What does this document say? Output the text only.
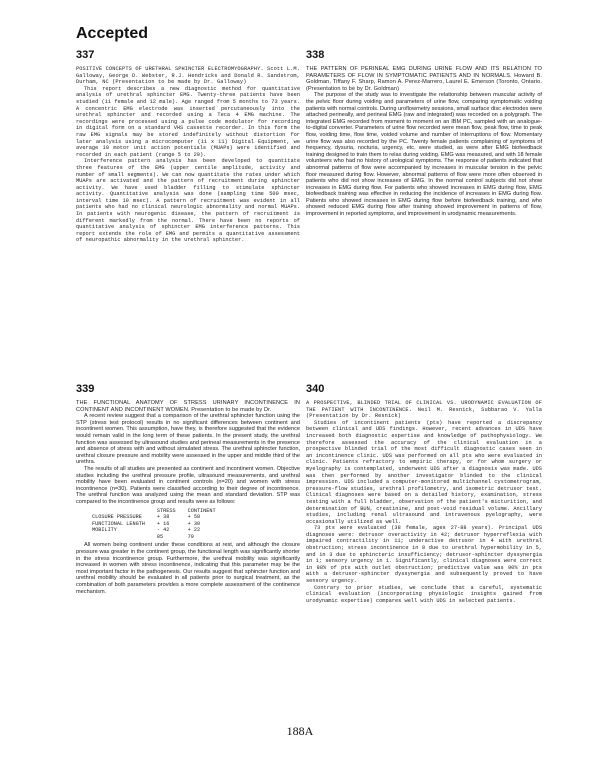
Accepted
337

POSITIVE CONCEPTS OF URETHRAL SPHINCTER ELECTROMYOGRAPHY. Scott L.M. Galloway, George D. Webster, R.J. Hendricks and Donald R. Sandstrom, Durham, NC (Presentation to be made by Dr. Galloway)

This report describes a new diagnostic method for quantitative analysis of urethral sphincter EMG. Twenty-three patients have been studied (11 female and 12 male). Age ranged from 5 months to 73 years. A concentric EMG electrode was inserted percutaneously into the urethral sphincter and recorded using a Teca 4 EMG machine. The recordings were processed using a pulse code modulator for recording in digital form on a standard VHS cassette recorder. In this form the raw EMG signals may be stored indefinitely without distortion for later analysis using a microcomputer (11 x 11) Digital Equipment, we average 10 motor unit action potentials (MUAPs) were identified and recorded in each patient (range 5 to 20).

Interference pattern analysis has been developed to quantitate three features of the EMG (upper centile amplitude, activity and number of small segments). We can now quantitate the rates under which MUAPs are activated and the pattern of recruitment during sphincter activity. We have used bladder filling to stimulate sphincter activity. Quantitative analysis was done (sampling time 500 msec, interval time 10 msec). A pattern of recruitment was evident in all patients who had no clinical neurologic abnormality and normal MUAPs. In patients with neurogenic disease, the pattern of recruitment is different markedly from the normal. There have been no reports of quantitative analysis of sphincter EMG interference patterns. This report extends the role of EMG and permits a quantitative assessment of neuropathic abnormality in the urethral sphincter.

338

THE PATTERN OF PERINEAL EMG DURING URINE FLOW AND ITS RELATION TO PARAMETERS OF FLOW IN SYMPTOMATIC PATIENTS AND IN NORMALS. Howard B. Goldman, Tiffany F. Sharp, Ramon A. Perez-Marrero, Laurel E. Emerson (Toronto, Ontario. (Presentation to be by Dr. Goldman)

The purpose of the study was to investigate the relationship between muscular activity of the pelvic floor during voiding and parameters of urine flow, comparing symptomatic voiding patients with normal controls. During uroflowmetry sessions, small surface disc electrodes were attached perineally, and perineal EMG (raw and integrated) was recorded on a polygraph. The integrated EMG recorded from moment to moment on an IBM PC, sampled with an analogue-to-digital converter. Parameters of urine flow recorded were mean flow, peak flow, time to peak flow, voiding time, flow time, voided volume and number of interruptions of flow. Momentary urine flow was also recorded by the PC. Twenty female patients complaining of symptoms of frequency, dysuria, nocturia, urgency, etc. were studied, as were after EMG biofeedback training designed to train them to relax during voiding. EMG was measured, and with 18 female volunteers who had no history of urological symptoms. The response of patients indicated that abnormal patterns of flow were accompanied by increases in muscular tension in the pelvic floor measured during flow. However, abnormal patterns of flow were more often observed in patients who did not show increases of EMG. In the normal control subjects did not show increases in EMG during flow. For patients who showed increases in EMG during flow, EMG biofeedback training was effective in reducing the incidence of increases in EMG during flow. Patients who showed increases in EMG during flow before biofeedback training, and who showed reduced EMG during flow after training showed improvement in patterns of flow, improvement in reported symptoms, and improvement in urodynamic measurements.

339

THE FUNCTIONAL ANATOMY OF STRESS URINARY INCONTINENCE IN CONTINENT AND INCONTINENT WOMEN. Presentation to be made by Dr.

A recent review suggest that a comparison of the urethral sphincter function using the STP (stress test protocol) results in no significant differences between continent and incontinent women. This assumption, have they, is therefore suggested that the evidence would remain valid in the long term of these patients. In the present study, the urethral function was assessed by ultrasound studies and perineal measurements in the presence and absence of stress with and without simulated stress. The urethral sphincter function, urethral closure pressure and mobility were assessed in the upper and middle third of the urethra.

The results of all studies are presented as continent and incontinent women. Objective studies including the urethral pressure profile, ultrasound measurements, and urethral mobility have been evaluated in continent controls (n=20) and women with stress incontinence (n=30). Patients were classified according to their degree of incontinence. The urethral function was analyzed using the mean and standard deviation. STP was compared to the incontinence group and results were as follows:

	STRESS	CONTINENT
CLOSURE PRESSURE	+ 38	+ 58
FUNCTIONAL LENGTH	+ 16	+ 30
MOBILITY	- 42	+ 22
	85	79

All women being continent under these conditions at rest, and although the closure pressure was greater in the continent group, the functional length was significantly shorter in the stress incontinence group. Furthermore, the urethral mobility was significantly increased in women with stress incontinence, indicating that this parameter may be the most important factor in the pathogenesis. Our results suggest that sphincter function and urethral mobility should be evaluated in all patients prior to surgical treatment, as the combination of both parameters provides a more complete assessment of the continence mechanism.

340

A PROSPECTIVE, BLINDED TRIAL OF CLINICAL VS. URODYNAMIC EVALUATION OF THE PATIENT WITH INCONTINENCE. Neil M. Resnick, Subbarao V. Yalla (Presentation by Dr. Resnick)

Studies of incontinent patients (pts) have reported a discrepancy between clinical and UDS findings. However, recent advances in UDS have increased both diagnostic expertise and knowledge of pathophysiology. We therefore assessed the accuracy of the clinical evaluation in a prospective blinded trial of the most difficult diagnostic cases seen in an incontinence clinic. UDS was performed on all pts who were evaluated in clinic. Patients refractory to empiric therapy, or for whom surgery or myelography is contemplated, underwent UDS after a diagnosis was made. UDS was then performed by another investigator blinded to the clinical impression. UDS included a computer-monitored multichannel cystometrogram, pressure-flow studies, urethral profilometry, and isometric detrusor test. Clinical diagnoses were based on a detailed history, examination, stress testing with a full bladder, observation of the patient's micturition, and determination of BUN, creatinine, and post-void residual volume. Ancillary studies, including renal ultrasound and intravenous pyelography, were occasionally utilized as well.

73 pts were evaluated (38 female, ages 27-88 years). Principal UDS diagnoses were: detrusor overactivity in 42; detrusor hyperreflexia with impaired contractility in 11; underactive detrusor in 4 with urethral obstruction; stress incontinence in 8 due to urethral hypermobility in 5, and in 3 due to sphincteric insufficiency; detrusor-sphincter dyssynergia in 1; sensory urgency in 1. Significantly, clinical diagnoses were correct in 88% of pts with outlet obstruction; predictive value was 90% in pts with a detrusor-sphincter dyssynergia and subsequently proved to have sensory urgency.

Contrary to prior studies, we conclude that a careful, systematic clinical evaluation (incorporating physiologic insights gained from urodynamic expertise) compares well with UDS in selected patients.

188A
